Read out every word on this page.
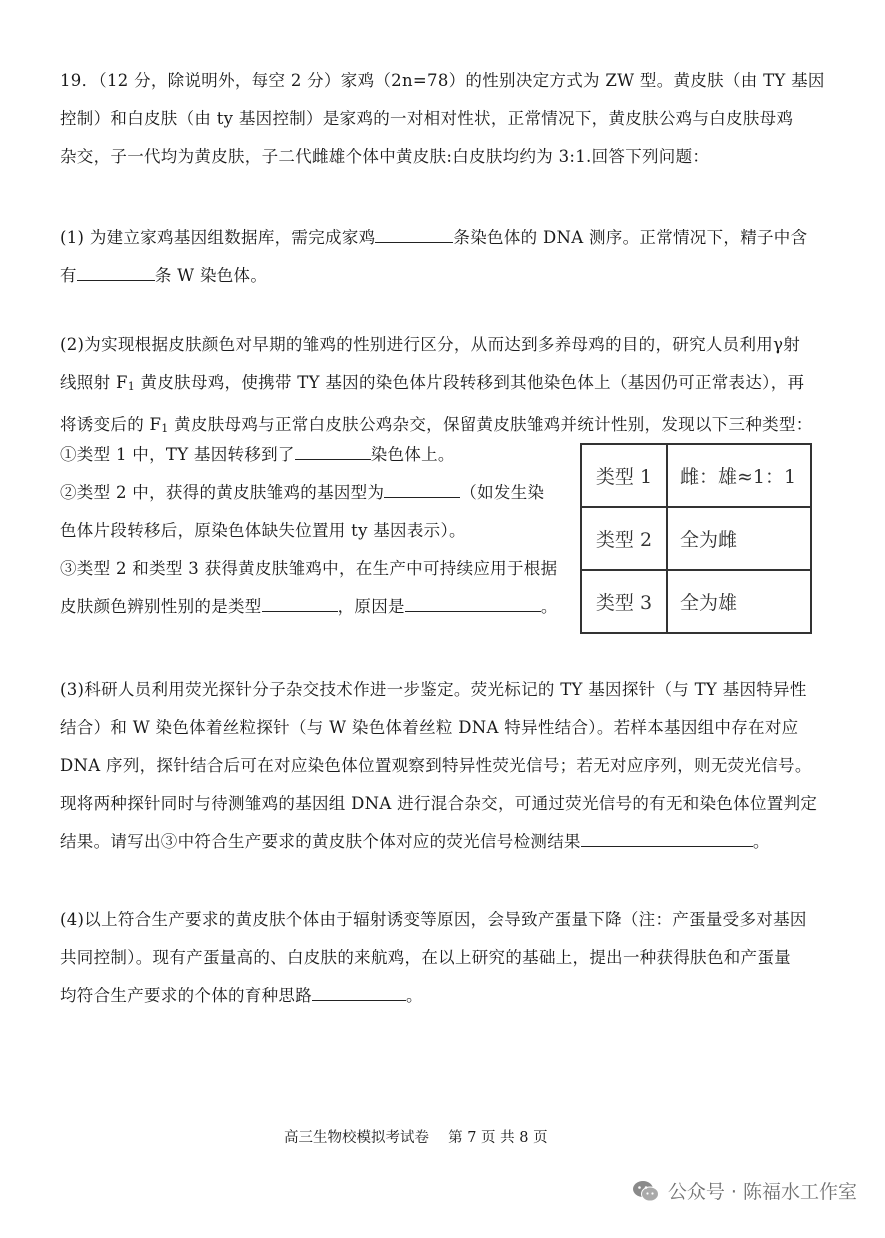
19．（12 分，除说明外，每空 2 分）家鸡（2n=78）的性别决定方式为 ZW 型。黄皮肤（由 TY 基因
控制）和白皮肤（由 ty 基因控制）是家鸡的一对相对性状，正常情况下，黄皮肤公鸡与白皮肤母鸡
杂交，子一代均为黄皮肤，子二代雌雄个体中黄皮肤:白皮肤均约为 3:1.回答下列问题：
(1) 为建立家鸡基因组数据库，需完成家鸡	条染色体的 DNA 测序。正常情况下，精子中含
有	条 W 染色体。
(2)为实现根据皮肤颜色对早期的雏鸡的性别进行区分，从而达到多养母鸡的目的，研究人员利用γ射
线照射 $F_1$ 黄皮肤母鸡，使携带 TY 基因的染色体片段转移到其他染色体上（基因仍可正常表达），再
将诱变后的 $F_1$ 黄皮肤母鸡与正常白皮肤公鸡杂交，保留黄皮肤雏鸡并统计性别，发现以下三种类型：
①类型 1 中，TY 基因转移到了	染色体上。
②类型 2 中，获得的黄皮肤雏鸡的基因型为	（如发生染
色体片段转移后，原染色体缺失位置用 ty 基因表示）。
③类型 2 和类型 3 获得黄皮肤雏鸡中，在生产中可持续应用于根据
皮肤颜色辨别性别的是类型	，原因是	。
类型 1	雌：雄≈1：1
类型 2	全为雌
类型 3	全为雄
(3)科研人员利用荧光探针分子杂交技术作进一步鉴定。荧光标记的 TY 基因探针（与 TY 基因特异性
结合）和 W 染色体着丝粒探针（与 W 染色体着丝粒 DNA 特异性结合）。若样本基因组中存在对应
DNA 序列，探针结合后可在对应染色体位置观察到特异性荧光信号；若无对应序列，则无荧光信号。
现将两种探针同时与待测雏鸡的基因组 DNA 进行混合杂交，可通过荧光信号的有无和染色体位置判定
结果。请写出③中符合生产要求的黄皮肤个体对应的荧光信号检测结果	。
(4)以上符合生产要求的黄皮肤个体由于辐射诱变等原因，会导致产蛋量下降（注：产蛋量受多对基因
共同控制）。现有产蛋量高的、白皮肤的来航鸡，在以上研究的基础上，提出一种获得肤色和产蛋量
均符合生产要求的个体的育种思路	。
高三生物校模拟考试卷　 第 7 页 共 8 页
公众号 · 陈福水工作室
